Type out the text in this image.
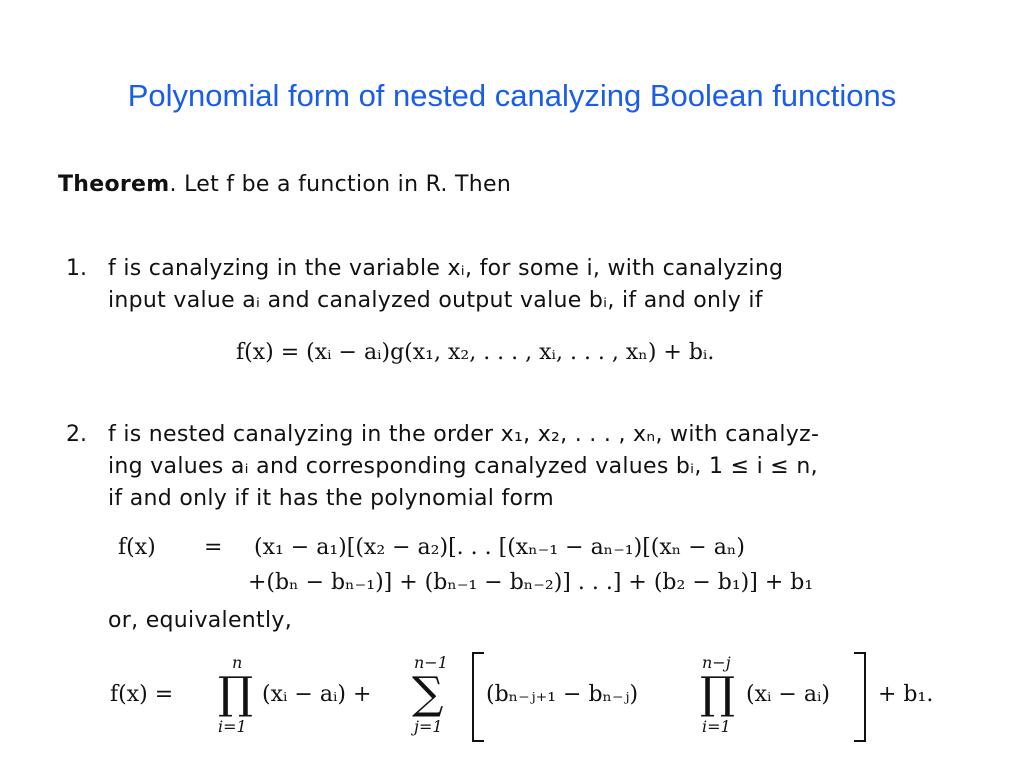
Polynomial form of nested canalyzing Boolean functions
Theorem. Let f be a function in R. Then
1. f is canalyzing in the variable xᵢ, for some i, with canalyzing
input value aᵢ and canalyzed output value bᵢ, if and only if
f(x) = (xᵢ − aᵢ)g(x₁, x₂, . . . , xᵢ, . . . , xₙ) + bᵢ.
2. f is nested canalyzing in the order x₁, x₂, . . . , xₙ, with canalyz-
ing values aᵢ and corresponding canalyzed values bᵢ, 1 ≤ i ≤ n,
if and only if it has the polynomial form
f(x) = (x₁ − a₁)[(x₂ − a₂)[. . . [(xₙ₋₁ − aₙ₋₁)[(xₙ − aₙ)
+(bₙ − bₙ₋₁)] + (bₙ₋₁ − bₙ₋₂)] . . .] + (b₂ − b₁)] + b₁
or, equivalently,
f(x) =
n
∏
i=1
(xᵢ − aᵢ) +
n−1
∑
j=1
(bₙ₋ⱼ₊₁ − bₙ₋ⱼ)
n−j
∏
i=1
(xᵢ − aᵢ) + b₁.
